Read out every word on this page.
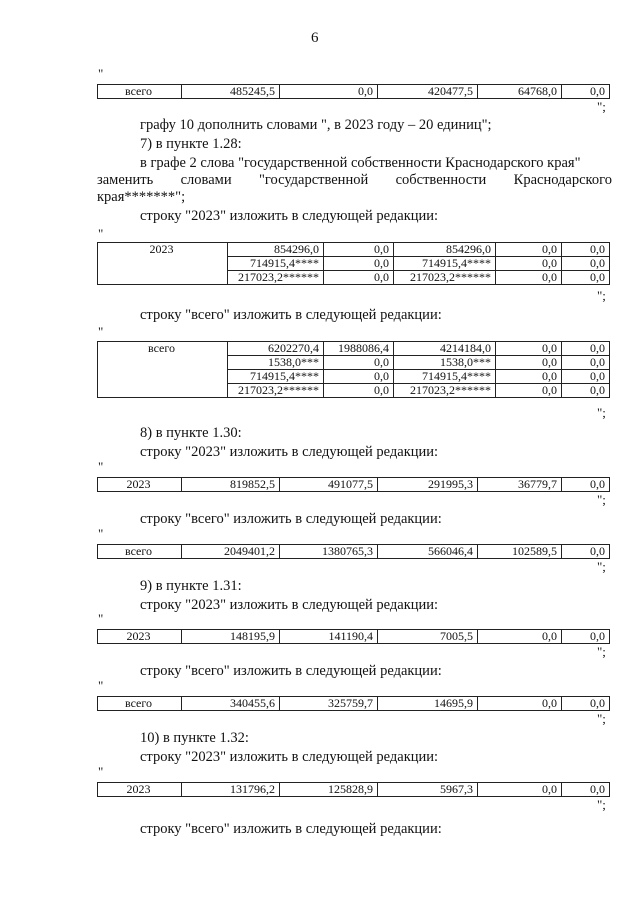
6
"
всего	485245,5	0,0	420477,5	64768,0	0,0
";
графу 10 дополнить словами ", в 2023 году – 20 единиц";
7) в пункте 1.28:
в графе 2 слова "государственной собственности Краснодарского края"
заменить словами "государственной собственности Краснодарского
края*******";
строку "2023" изложить в следующей редакции:
"
2023	854296,0	0,0	854296,0	0,0	0,0
	714915,4****	0,0	714915,4****	0,0	0,0
	217023,2******	0,0	217023,2******	0,0	0,0
";
строку "всего" изложить в следующей редакции:
"
всего	6202270,4	1988086,4	4214184,0	0,0	0,0
	1538,0***	0,0	1538,0***	0,0	0,0
	714915,4****	0,0	714915,4****	0,0	0,0
	217023,2******	0,0	217023,2******	0,0	0,0
";
8) в пункте 1.30:
строку "2023" изложить в следующей редакции:
"
2023	819852,5	491077,5	291995,3	36779,7	0,0
";
строку "всего" изложить в следующей редакции:
"
всего	2049401,2	1380765,3	566046,4	102589,5	0,0
";
9) в пункте 1.31:
строку "2023" изложить в следующей редакции:
"
2023	148195,9	141190,4	7005,5	0,0	0,0
";
строку "всего" изложить в следующей редакции:
"
всего	340455,6	325759,7	14695,9	0,0	0,0
";
10) в пункте 1.32:
строку "2023" изложить в следующей редакции:
"
2023	131796,2	125828,9	5967,3	0,0	0,0
";
строку "всего" изложить в следующей редакции:
